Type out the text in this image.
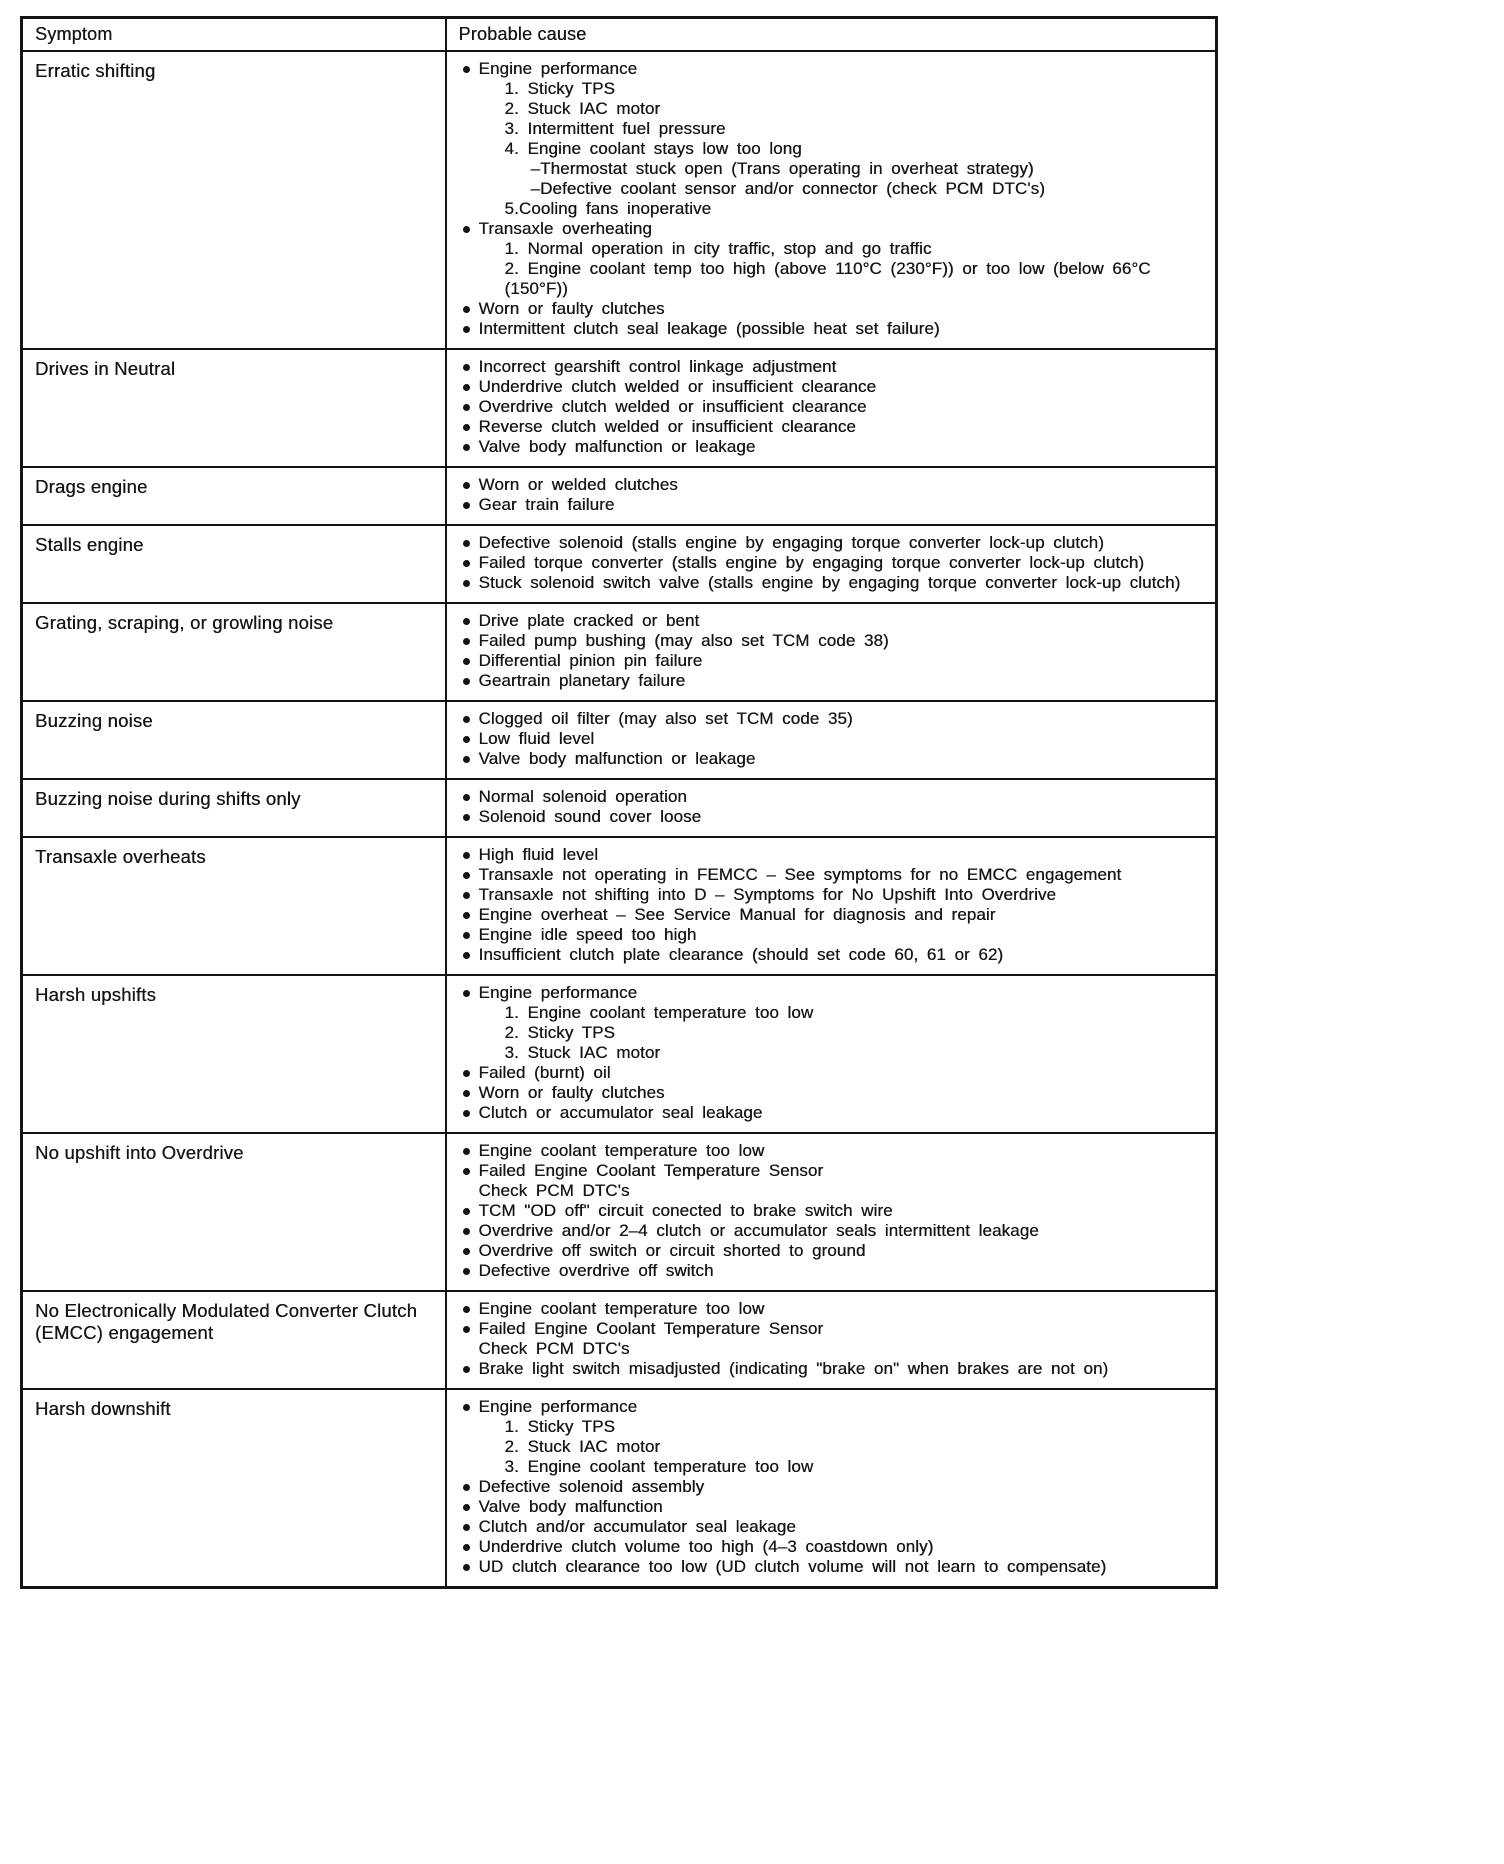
Symptom	Probable cause
Erratic shifting	Engine performance
1. Sticky TPS
2. Stuck IAC motor
3. Intermittent fuel pressure
4. Engine coolant stays low too long
–Thermostat stuck open (Trans operating in overheat strategy)
–Defective coolant sensor and/or connector (check PCM DTC's)
5.Cooling fans inoperative
Transaxle overheating
1. Normal operation in city traffic, stop and go traffic
2. Engine coolant temp too high (above 110°C (230°F)) or too low (below 66°C (150°F))
Worn or faulty clutches
Intermittent clutch seal leakage (possible heat set failure)

Drives in Neutral	Incorrect gearshift control linkage adjustment
Underdrive clutch welded or insufficient clearance
Overdrive clutch welded or insufficient clearance
Reverse clutch welded or insufficient clearance
Valve body malfunction or leakage

Drags engine	Worn or welded clutches
Gear train failure

Stalls engine	Defective solenoid (stalls engine by engaging torque converter lock-up clutch)
Failed torque converter (stalls engine by engaging torque converter lock-up clutch)
Stuck solenoid switch valve (stalls engine by engaging torque converter lock-up clutch)

Grating, scraping, or growling noise	Drive plate cracked or bent
Failed pump bushing (may also set TCM code 38)
Differential pinion pin failure
Geartrain planetary failure

Buzzing noise	Clogged oil filter (may also set TCM code 35)
Low fluid level
Valve body malfunction or leakage

Buzzing noise during shifts only	Normal solenoid operation
Solenoid sound cover loose

Transaxle overheats	High fluid level
Transaxle not operating in FEMCC – See symptoms for no EMCC engagement
Transaxle not shifting into D – Symptoms for No Upshift Into Overdrive
Engine overheat – See Service Manual for diagnosis and repair
Engine idle speed too high
Insufficient clutch plate clearance (should set code 60, 61 or 62)

Harsh upshifts	Engine performance
1. Engine coolant temperature too low
2. Sticky TPS
3. Stuck IAC motor
Failed (burnt) oil
Worn or faulty clutches
Clutch or accumulator seal leakage

No upshift into Overdrive	Engine coolant temperature too low
Failed Engine Coolant Temperature Sensor
Check PCM DTC's
TCM "OD off" circuit conected to brake switch wire
Overdrive and/or 2–4 clutch or accumulator seals intermittent leakage
Overdrive off switch or circuit shorted to ground
Defective overdrive off switch

No Electronically Modulated Converter Clutch (EMCC) engagement	Engine coolant temperature too low
Failed Engine Coolant Temperature Sensor
Check PCM DTC's
Brake light switch misadjusted (indicating "brake on" when brakes are not on)

Harsh downshift	Engine performance
1. Sticky TPS
2. Stuck IAC motor
3. Engine coolant temperature too low
Defective solenoid assembly
Valve body malfunction
Clutch and/or accumulator seal leakage
Underdrive clutch volume too high (4–3 coastdown only)
UD clutch clearance too low (UD clutch volume will not learn to compensate)
